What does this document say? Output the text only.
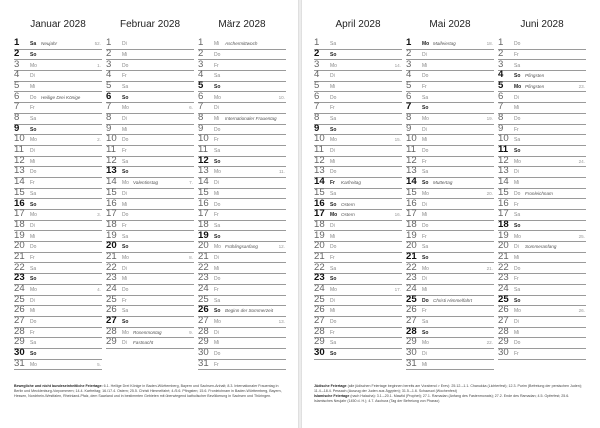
Januar 2028
1	Sa Neujahr	52.
2	So
3	Mo	1.
4	Di
5	Mi
6	Do Heilige Drei Könige
7	Fr
8	Sa
9	So
10	Mo	2.
11	Di
12	Mi
13	Do
14	Fr
15	Sa
16	So
17	Mo	3.
18	Di
19	Mi
20	Do
21	Fr
22	Sa
23	So
24	Mo	4.
25	Di
26	Mi
27	Do
28	Fr
29	Sa
30	So
31	Mo	5.
Februar 2028
1	Di
2	Mi
3	Do
4	Fr
5	Sa
6	So
7	Mo	6.
8	Di
9	Mi
10	Do
11	Fr
12	Sa
13	So
14	Mo Valentinstag	7.
15	Di
16	Mi
17	Do
18	Fr
19	Sa
20	So
21	Mo	8.
22	Di
23	Mi
24	Do
25	Fr
26	Sa
27	So
28	Mo Rosenmontag	9.
29	Di Fastnacht
März 2028
1	Mi Aschermittwoch
2	Do
3	Fr
4	Sa
5	So
6	Mo	10.
7	Di
8	Mi Internationaler Frauentag
9	Do
10	Fr
11	Sa
12	So
13	Mo	11.
14	Di
15	Mi
16	Do
17	Fr
18	Sa
19	So
20	Mo Frühlingsanfang	12.
21	Di
22	Mi
23	Do
24	Fr
25	Sa
26	So Beginn der Sommerzeit
27	Mo	13.
28	Di
29	Mi
30	Do
31	Fr
April 2028
1	Sa
2	So
3	Mo	14.
4	Di
5	Mi
6	Do
7	Fr
8	Sa
9	So
10	Mo	15.
11	Di
12	Mi
13	Do
14	Fr Karfreitag
15	Sa
16	So Ostern
17	Mo Ostern	16.
18	Di
19	Mi
20	Do
21	Fr
22	Sa
23	So
24	Mo	17.
25	Di
26	Mi
27	Do
28	Fr
29	Sa
30	So
Mai 2028
1	Mo Maifeiertag	18.
2	Di
3	Mi
4	Do
5	Fr
6	Sa
7	So
8	Mo	19.
9	Di
10	Mi
11	Do
12	Fr
13	Sa
14	So Muttertag
15	Mo	20.
16	Di
17	Mi
18	Do
19	Fr
20	Sa
21	So
22	Mo	21.
23	Di
24	Mi
25	Do Christi Himmelfahrt
26	Fr
27	Sa
28	So
29	Mo	22.
30	Di
31	Mi
Juni 2028
1	Do
2	Fr
3	Sa
4	So Pfingsten
5	Mo Pfingsten	23.
6	Di
7	Mi
8	Do
9	Fr
10	Sa
11	So
12	Mo	24.
13	Di
14	Mi
15	Do Fronleichnam
16	Fr
17	Sa
18	So
19	Mo	25.
20	Di Sommeranfang
21	Mi
22	Do
23	Fr
24	Sa
25	So
26	Mo	26.
27	Di
28	Mi
29	Do
30	Fr
Bewegliche und nicht bundeseinheitliche Feiertage: 6.1. Heilige Drei Könige in Baden-Württemberg, Bayern und Sachsen-Anhalt; 8.3. Internationaler Frauentag in Berlin und Mecklenburg-Vorpommern; 14.4. Karfreitag; 16./17.4. Ostern; 25.5. Christi Himmelfahrt; 4./5.6. Pfingsten; 15.6. Fronleichnam in Baden-Württemberg, Bayern, Hessen, Nordrhein-Westfalen, Rheinland-Pfalz, dem Saarland und in bestimmten Gebieten mit überwiegend katholischer Bevölkerung in Sachsen und Thüringen.
Jüdische Feiertage (alle jüdischen Feiertage beginnen bereits am Vorabend > Erev): 25.12.–1.1. Chanukka (Lichterfest); 12.3. Purim (Befreiung der persischen Juden); 11.4.–18.4. Pessach (Auszug der Juden aus Ägypten); 31.5.–1.6. Schawuot (Wochenfest)
Islamische Feiertage (nach Halacha): 3.1.–20.1. Mawlid (Prophet); 27.1. Ramadan (Anfang des Fastenmonats); 27.2. Ende des Ramadan; 4.5. Opferfest; 25.6. Islamisches Neujahr (1450 d. H.); 4.7. Aschura (Tag der Befreiung von Pharao)
